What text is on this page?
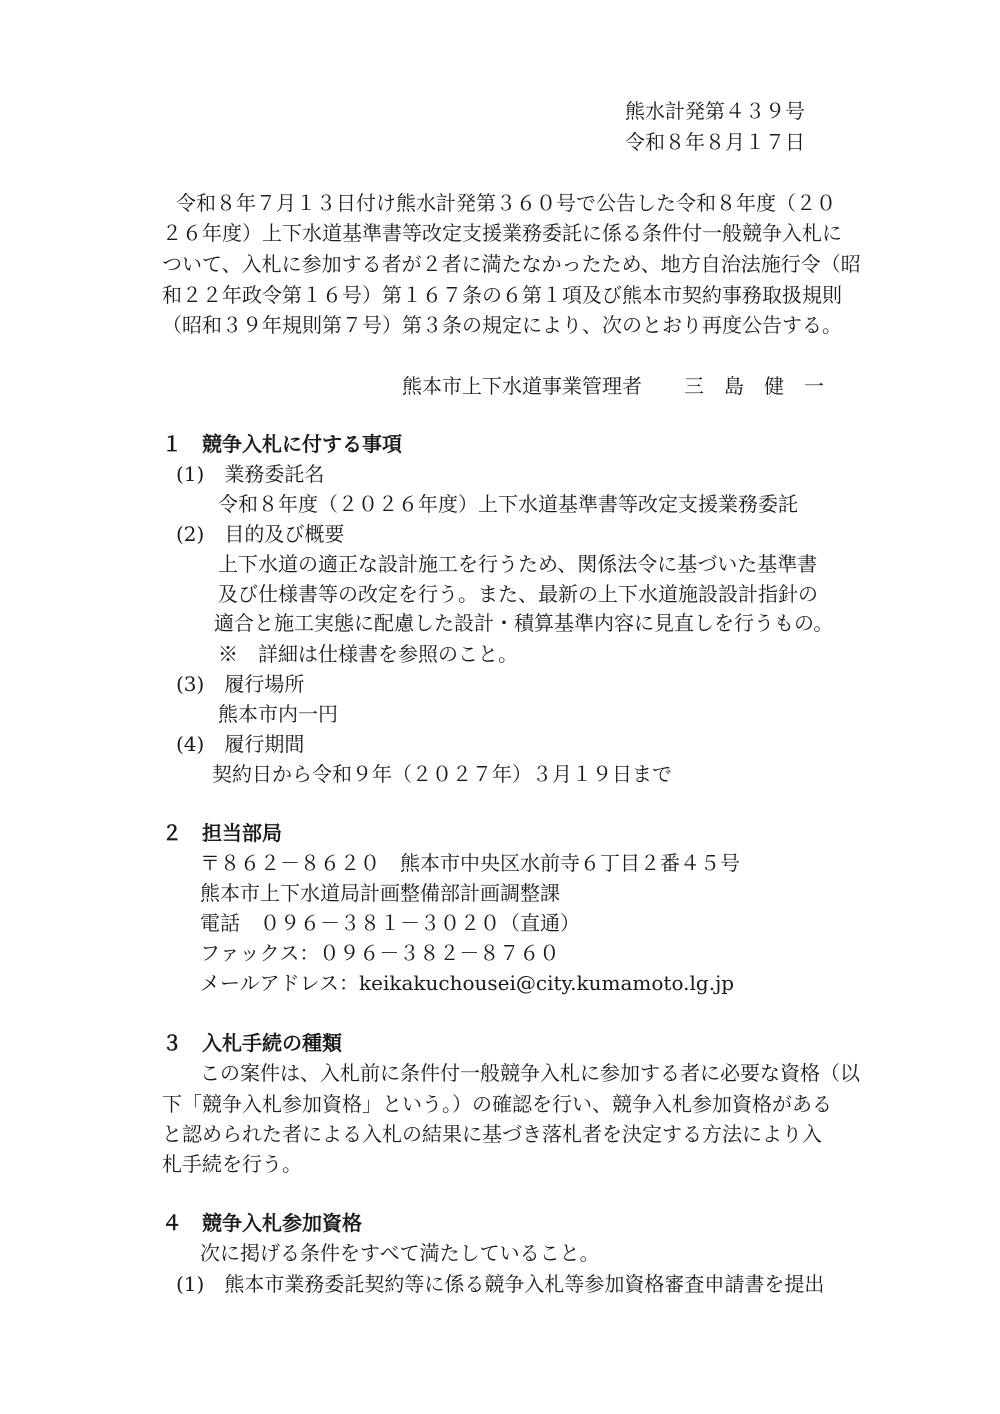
熊水計発第４３９号
令和８年８月１７日
令和８年７月１３日付け熊水計発第３６０号で公告した令和８年度（２０
２６年度）上下水道基準書等改定支援業務委託に係る条件付一般競争入札に
ついて、入札に参加する者が２者に満たなかったため、地方自治法施行令（昭
和２２年政令第１６号）第１６７条の６第１項及び熊本市契約事務取扱規則
（昭和３９年規則第７号）第３条の規定により、次のとおり再度公告する。
熊本市上下水道事業管理者 三　島　健　一
１　競争入札に付する事項
(1)　業務委託名
令和８年度（２０２６年度）上下水道基準書等改定支援業務委託
(2)　目的及び概要
上下水道の適正な設計施工を行うため、関係法令に基づいた基準書
及び仕様書等の改定を行う。また、最新の上下水道施設設計指針の
適合と施工実態に配慮した設計・積算基準内容に見直しを行うもの。
※　詳細は仕様書を参照のこと。
(3)　履行場所
熊本市内一円
(4)　履行期間
契約日から令和９年（２０２７年）３月１９日まで
２　担当部局
〒８６２－８６２０　熊本市中央区水前寺６丁目２番４５号
熊本市上下水道局計画整備部計画調整課
電話　０９６－３８１－３０２０（直通）
ファックス：０９６－３８２－８７６０
メールアドレス：keikakuchousei@city.kumamoto.lg.jp
３　入札手続の種類
この案件は、入札前に条件付一般競争入札に参加する者に必要な資格（以
下「競争入札参加資格」という。）の確認を行い、競争入札参加資格がある
と認められた者による入札の結果に基づき落札者を決定する方法により入
札手続を行う。
４　競争入札参加資格
次に掲げる条件をすべて満たしていること。
(1)　熊本市業務委託契約等に係る競争入札等参加資格審査申請書を提出
